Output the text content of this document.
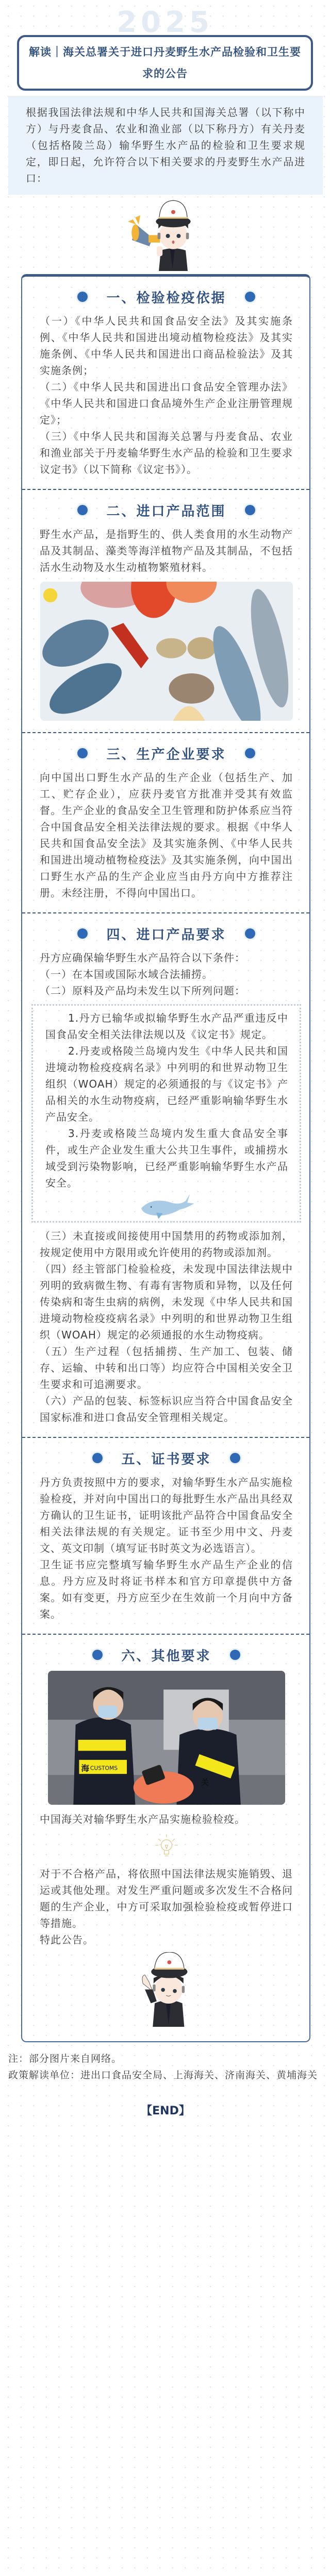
2025
解读｜海关总署关于进口丹麦野生水产品检验和卫生要求的公告

根据我国法律法规和中华人民共和国海关总署（以下称中方）与丹麦食品、农业和渔业部（以下称丹方）有关丹麦（包括格陵兰岛）输华野生水产品的检验和卫生要求规定，即日起，允许符合以下相关要求的丹麦野生水产品进口：

一、检验检疫依据

（一）《中华人民共和国食品安全法》及其实施条例、《中华人民共和国进出境动植物检疫法》及其实施条例、《中华人民共和国进出口商品检验法》及其实施条例；

（二）《中华人民共和国进出口食品安全管理办法》《中华人民共和国进口食品境外生产企业注册管理规定》；

（三）《中华人民共和国海关总署与丹麦食品、农业和渔业部关于丹麦输华野生水产品的检验和卫生要求议定书》（以下简称《议定书》）。

二、进口产品范围

野生水产品，是指野生的、供人类食用的水生动物产品及其制品、藻类等海洋植物产品及其制品，不包括活水生动物及水生动植物繁殖材料。

三、生产企业要求

向中国出口野生水产品的生产企业（包括生产、加工、贮存企业），应获丹麦官方批准并受其有效监督。生产企业的食品安全卫生管理和防护体系应当符合中国食品安全相关法律法规的要求。根据《中华人民共和国食品安全法》及其实施条例、《中华人民共和国进出境动植物检疫法》及其实施条例，向中国出口野生水产品的生产企业应当由丹方向中方推荐注册。未经注册，不得向中国出口。

四、进口产品要求

丹方应确保输华野生水产品符合以下条件：

（一）在本国或国际水域合法捕捞。

（二）原料及产品均未发生以下所列问题：

1.丹方已输华或拟输华野生水产品严重违反中国食品安全相关法律法规以及《议定书》规定。

2.丹麦或格陵兰岛境内发生《中华人民共和国进境动物检疫疫病名录》中列明的和世界动物卫生组织（WOAH）规定的必须通报的与《议定书》产品相关的水生动物疫病，已经严重影响输华野生水产品安全。

3.丹麦或格陵兰岛境内发生重大食品安全事件，或生产企业发生重大公共卫生事件，或捕捞水域受到污染物影响，已经严重影响输华野生水产品安全。

（三）未直接或间接使用中国禁用的药物或添加剂，按规定使用中方限用或允许使用的药物或添加剂。

（四）经主管部门检验检疫，未发现中国法律法规中列明的致病微生物、有毒有害物质和异物，以及任何传染病和寄生虫病的病例，未发现《中华人民共和国进境动物检疫疫病名录》中列明的和世界动物卫生组织（WOAH）规定的必须通报的水生动物疫病。

（五）生产过程（包括捕捞、生产加工、包装、储存、运输、中转和出口等）均应符合中国相关安全卫生要求和可追溯要求。

（六）产品的包装、标签标识应当符合中国食品安全国家标准和进口食品安全管理相关规定。

五、证书要求

丹方负责按照中方的要求，对输华野生水产品实施检验检疫，并对向中国出口的每批野生水产品出具经双方确认的卫生证书，证明该批产品符合中国食品安全相关法律法规的有关规定。证书至少用中文、丹麦文、英文印制（填写证书时英文为必选语言）。

卫生证书应完整填写输华野生水产品生产企业的信息。丹方应及时将证书样本和官方印章提供中方备案。如有变更，丹方应至少在生效前一个月向中方备案。

六、其他要求
海 CUSTOMS
关

中国海关对输华野生水产品实施检验检疫。

对于不合格产品，将依照中国法律法规实施销毁、退运或其他处理。对发生严重问题或多次发生不合格问题的生产企业，中方可采取加强检验检疫或暂停进口等措施。

特此公告。

注：部分图片来自网络。
政策解读单位：进出口食品安全局、上海海关、济南海关、黄埔海关
【END】
